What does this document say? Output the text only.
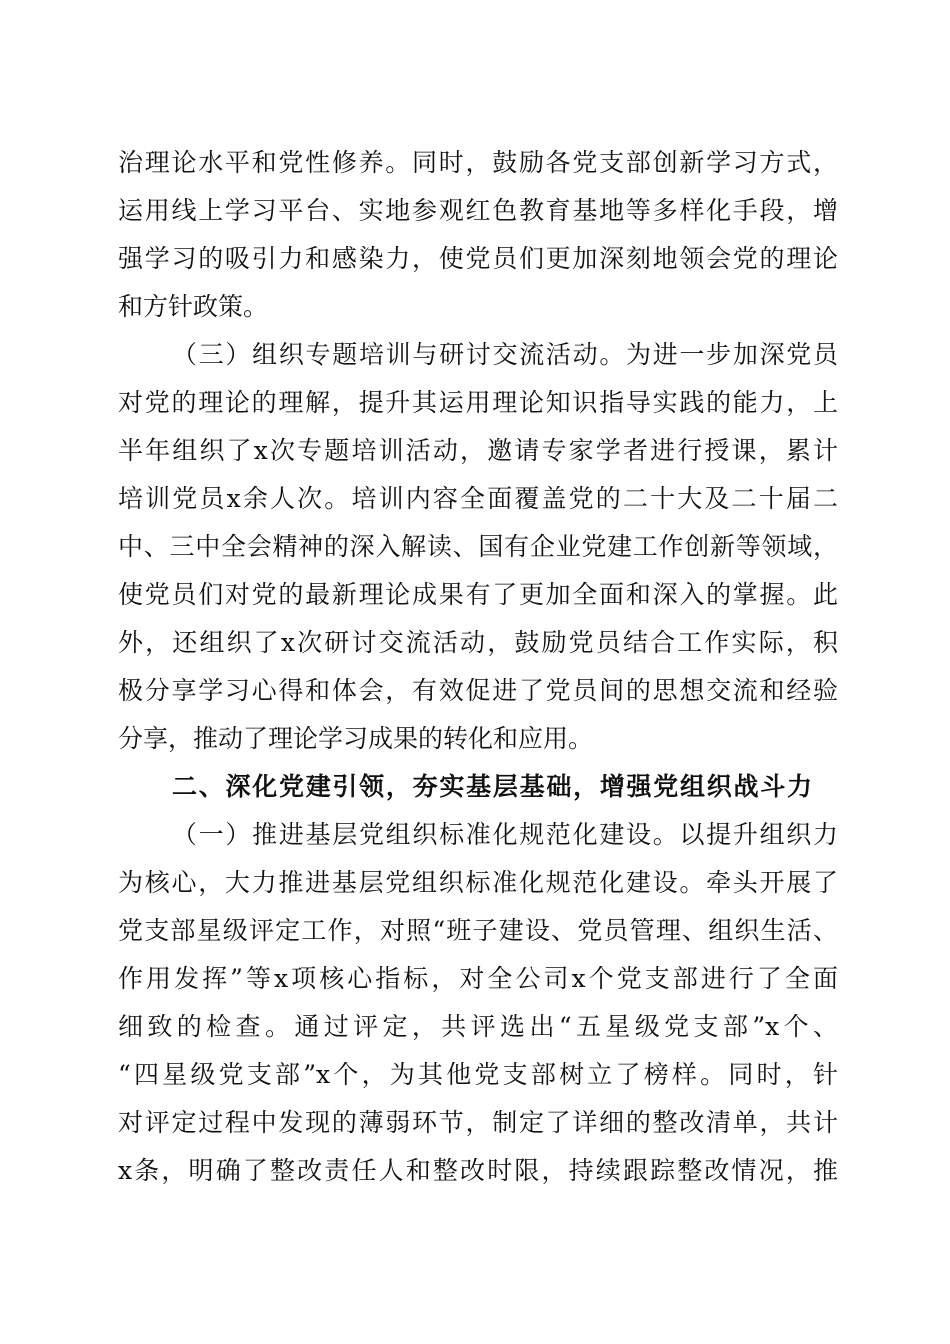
治理论水平和党性修养。同时，鼓励各党支部创新学习方式，
运用线上学习平台、实地参观红色教育基地等多样化手段，增
强学习的吸引力和感染力，使党员们更加深刻地领会党的理论
和方针政策。
（三）组织专题培训与研讨交流活动。为进一步加深党员
对党的理论的理解，提升其运用理论知识指导实践的能力，上
半年组织了x次专题培训活动，邀请专家学者进行授课，累计
培训党员x余人次。培训内容全面覆盖党的二十大及二十届二
中、三中全会精神的深入解读、国有企业党建工作创新等领域，
使党员们对党的最新理论成果有了更加全面和深入的掌握。此
外，还组织了x次研讨交流活动，鼓励党员结合工作实际，积
极分享学习心得和体会，有效促进了党员间的思想交流和经验
分享，推动了理论学习成果的转化和应用。
二、深化党建引领，夯实基层基础，增强党组织战斗力
（一）推进基层党组织标准化规范化建设。以提升组织力
为核心，大力推进基层党组织标准化规范化建设。牵头开展了
党支部星级评定工作，对照“班子建设、党员管理、组织生活、
作用发挥”等x项核心指标，对全公司x个党支部进行了全面
细致的检查。通过评定，共评选出“五星级党支部”x个、
“四星级党支部”x个，为其他党支部树立了榜样。同时，针
对评定过程中发现的薄弱环节，制定了详细的整改清单，共计
x条，明确了整改责任人和整改时限，持续跟踪整改情况，推
